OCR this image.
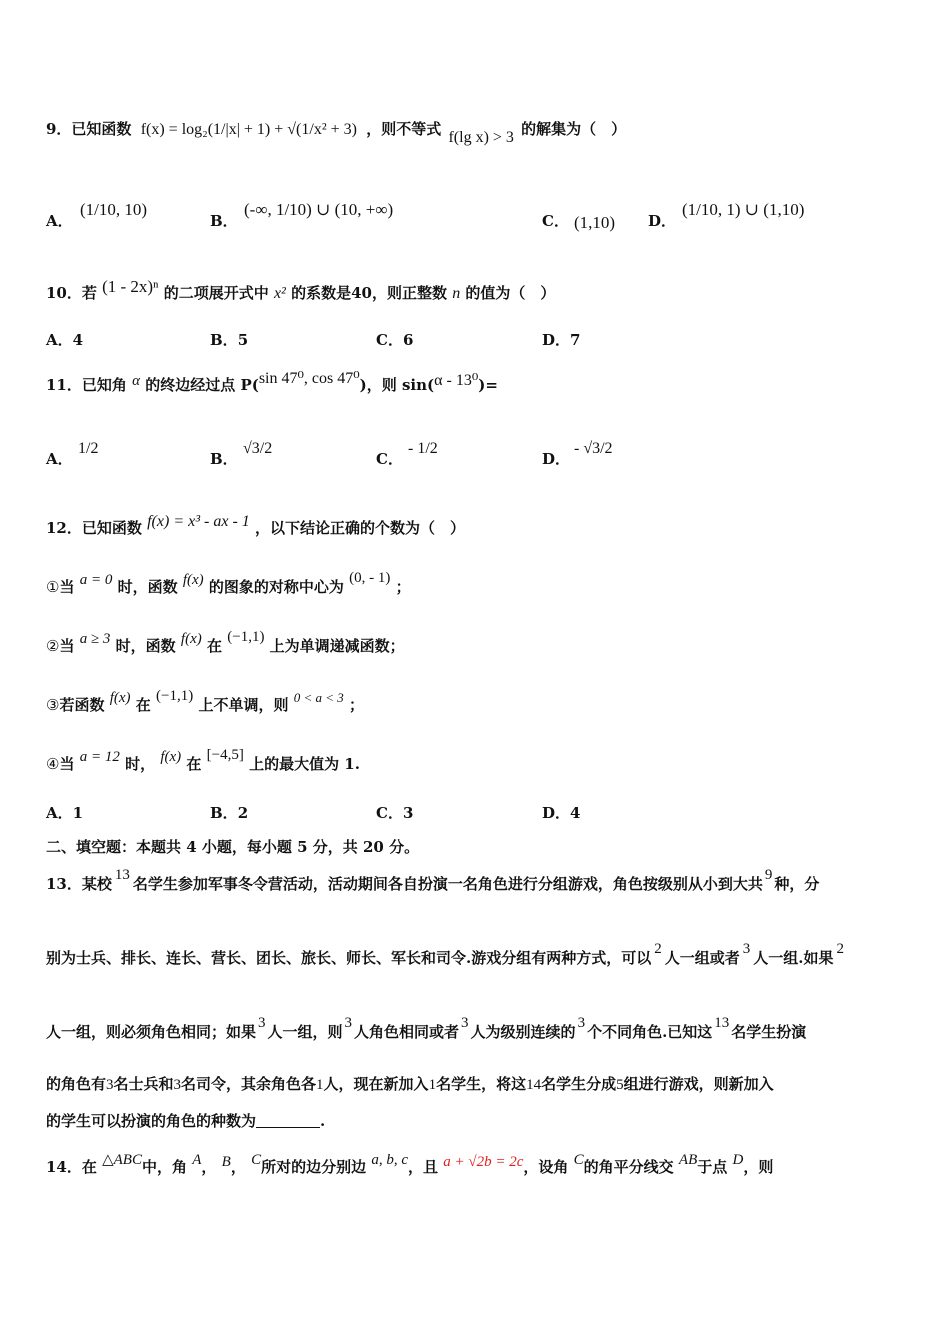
9．已知函数 f(x) = log₂(1/|x| + 1) + √(1/x² + 3) ，则不等式 f(lg x) > 3 的解集为（　）
A．
(1/10, 10)
B．
(-∞, 1/10) ∪ (10, +∞)
C． (1,10) D．
(1/10, 1) ∪ (1,10)
10．若 (1 - 2x)ⁿ 的二项展开式中 x² 的系数是40，则正整数 n 的值为（　）
A．4	B．5	C．6	D．7
11．已知角 α 的终边经过点 P(sin 47⁰, cos 47⁰)，则 sin(α - 13⁰)=
A．
1/2
B．
√3/2
C．
- 1/2
D．
- √3/2
12．已知函数 f(x) = x³ - ax - 1 ，以下结论正确的个数为（　）
①当 a = 0 时，函数 f(x) 的图象的对称中心为 (0, - 1) ；
②当 a ≥ 3 时，函数 f(x) 在 (−1,1) 上为单调递减函数；
③若函数 f(x) 在 (−1,1) 上不单调，则 0 < a < 3 ；
④当 a = 12 时， f(x) 在 [−4,5] 上的最大值为 1.
A．1	B．2	C．3	D．4
二、填空题：本题共 4 小题，每小题 5 分，共 20 分。
13．某校 13 名学生参加军事冬令营活动，活动期间各自扮演一名角色进行分组游戏，角色按级别从小到大共 9 种，分
别为士兵、排长、连长、营长、团长、旅长、师长、军长和司令.游戏分组有两种方式，可以 2 人一组或者 3 人一组.如果 2
人一组，则必须角色相同；如果 3 人一组，则 3 人角色相同或者 3 人为级别连续的 3 个不同角色.已知这 13 名学生扮演
的角色有3名士兵和3名司令，其余角色各1人，现在新加入1名学生，将这14名学生分成5组进行游戏，则新加入
的学生可以扮演的角色的种数为	.
14．在 △ABC中，角 A， B， C所对的边分别边 a, b, c，且 a + √2b = 2c，设角 C的角平分线交 AB于点 D，则
